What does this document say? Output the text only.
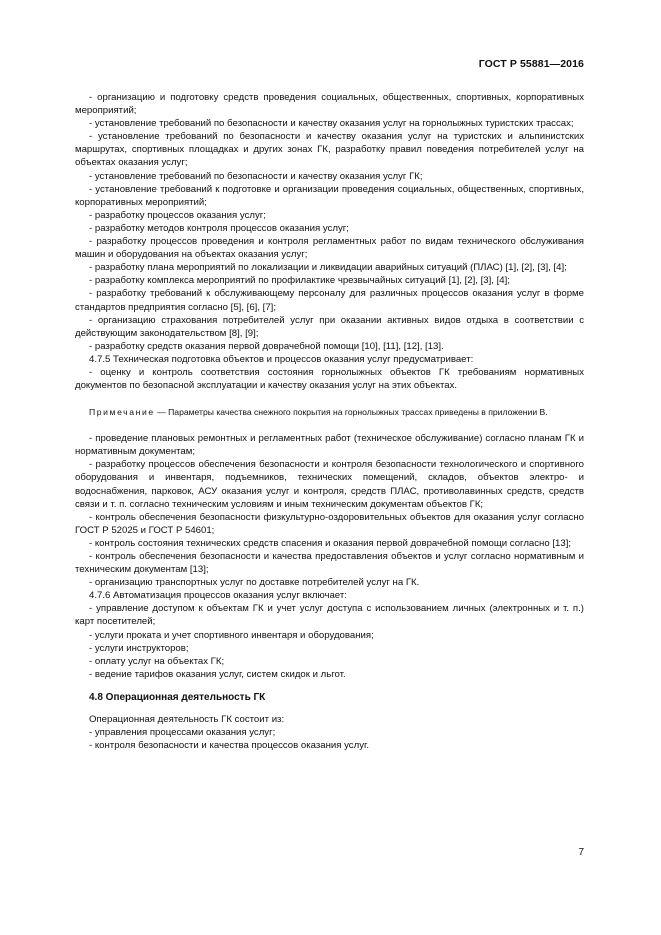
ГОСТ Р 55881—2016

- организацию и подготовку средств проведения социальных, общественных, спортивных, корпоративных мероприятий;

- установление требований по безопасности и качеству оказания услуг на горнолыжных туристских трассах;

- установление требований по безопасности и качеству оказания услуг на туристских и альпинистских маршрутах, спортивных площадках и других зонах ГК, разработку правил поведения потребителей услуг на объектах оказания услуг;

- установление требований по безопасности и качеству оказания услуг ГК;

- установление требований к подготовке и организации проведения социальных, общественных, спортивных, корпоративных мероприятий;

- разработку процессов оказания услуг;

- разработку методов контроля процессов оказания услуг;

- разработку процессов проведения и контроля регламентных работ по видам технического обслуживания машин и оборудования на объектах оказания услуг;

- разработку плана мероприятий по локализации и ликвидации аварийных ситуаций (ПЛАС) [1], [2], [3], [4];

- разработку комплекса мероприятий по профилактике чрезвычайных ситуаций [1], [2], [3], [4];

- разработку требований к обслуживающему персоналу для различных процессов оказания услуг в форме стандартов предприятия согласно [5], [6], [7];

- организацию страхования потребителей услуг при оказании активных видов отдыха в соответствии с действующим законодательством [8], [9];

- разработку средств оказания первой доврачебной помощи [10], [11], [12], [13].

4.7.5 Техническая подготовка объектов и процессов оказания услуг предусматривает:

- оценку и контроль соответствия состояния горнолыжных объектов ГК требованиям нормативных документов по безопасной эксплуатации и качеству оказания услуг на этих объектах.

Примечание — Параметры качества снежного покрытия на горнолыжных трассах приведены в приложении В.

- проведение плановых ремонтных и регламентных работ (техническое обслуживание) согласно планам ГК и нормативным документам;

- разработку процессов обеспечения безопасности и контроля безопасности технологического и спортивного оборудования и инвентаря, подъемников, технических помещений, складов, объектов электро- и водоснабжения, парковок, АСУ оказания услуг и контроля, средств ПЛАС, противолавинных средств, средств связи и т. п. согласно техническим условиям и иным техническим документам объектов ГК;

- контроль обеспечения безопасности физкультурно-оздоровительных объектов для оказания услуг согласно ГОСТ Р 52025 и ГОСТ Р 54601;

- контроль состояния технических средств спасения и оказания первой доврачебной помощи согласно [13];

- контроль обеспечения безопасности и качества предоставления объектов и услуг согласно нормативным и техническим документам [13];

- организацию транспортных услуг по доставке потребителей услуг на ГК.

4.7.6 Автоматизация процессов оказания услуг включает:

- управление доступом к объектам ГК и учет услуг доступа с использованием личных (электронных и т. п.) карт посетителей;

- услуги проката и учет спортивного инвентаря и оборудования;

- услуги инструкторов;

- оплату услуг на объектах ГК;

- ведение тарифов оказания услуг, систем скидок и льгот.

4.8 Операционная деятельность ГК

Операционная деятельность ГК состоит из:

- управления процессами оказания услуг;

- контроля безопасности и качества процессов оказания услуг.

7
